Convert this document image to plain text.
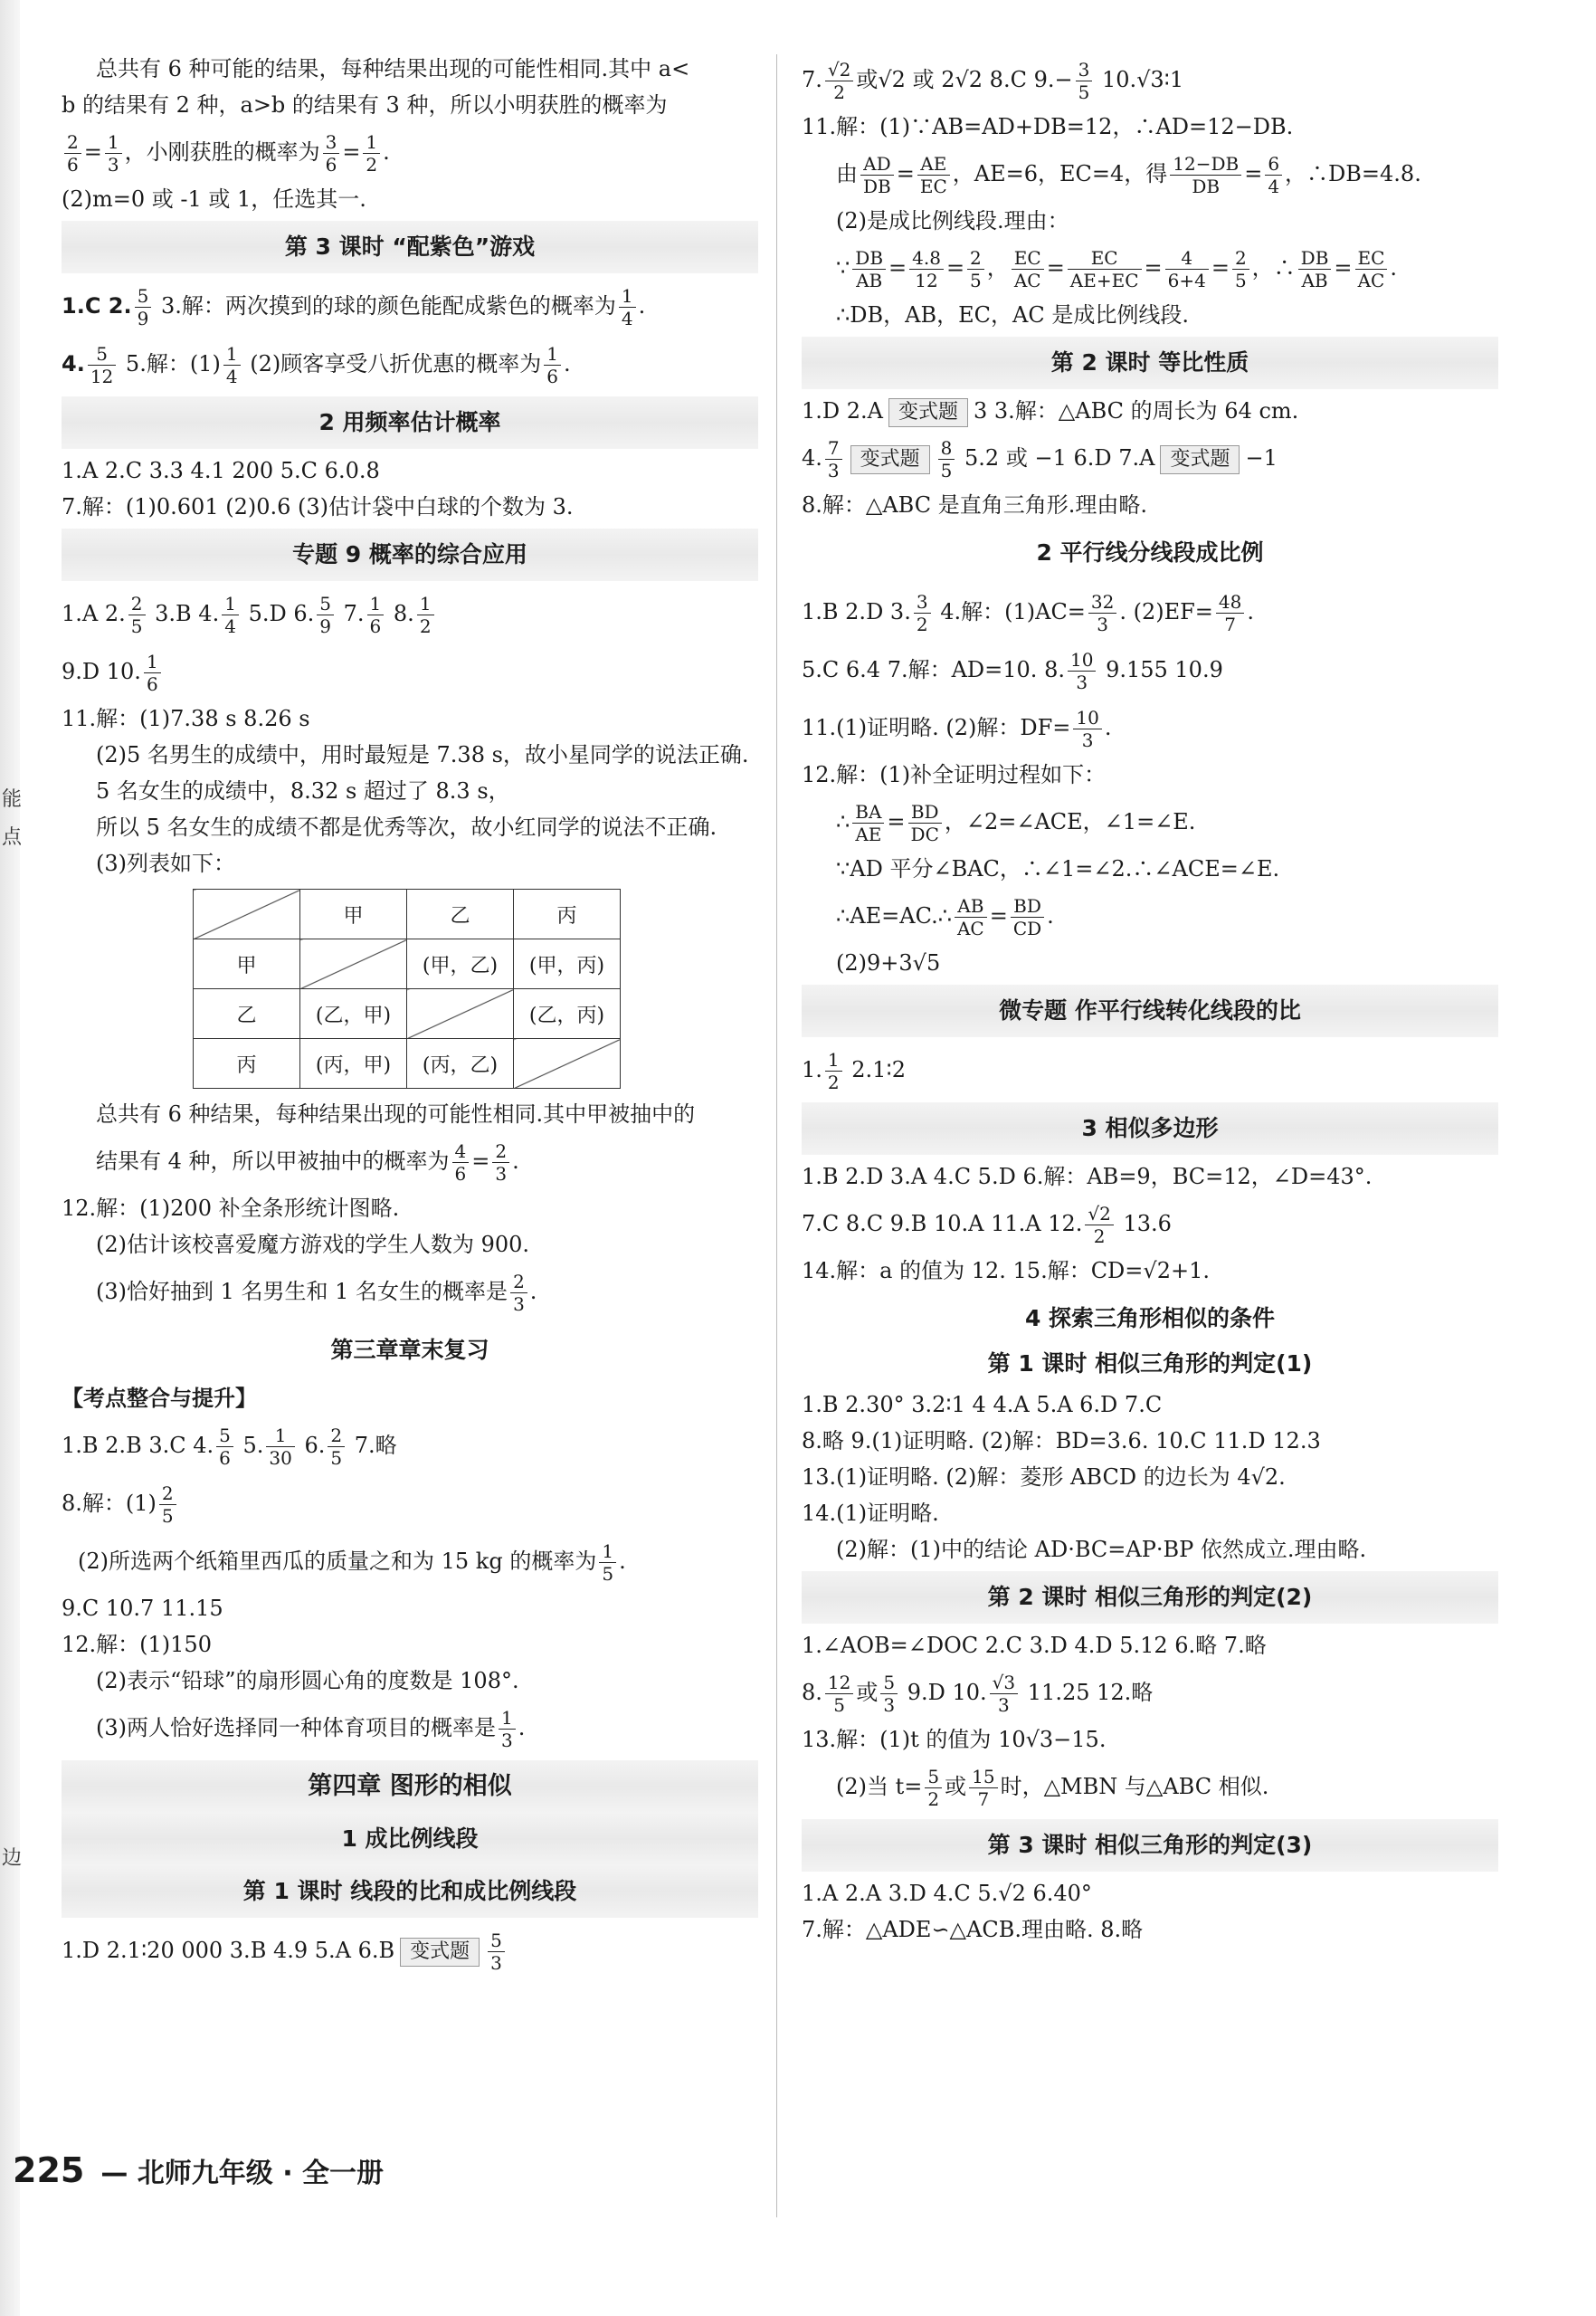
能
点
边
总共有 6 种可能的结果，每种结果出现的可能性相同.其中 a<
b 的结果有 2 种，a>b 的结果有 3 种，所以小明获胜的概率为
$\frac{2}{6} = \frac{1}{3}$ ，小刚获胜的概率为 $\frac{3}{6} = \frac{1}{2}$ .
(2)m=0 或 -1 或 1，任选其一.
第 3 课时 “配紫色”游戏
1.C 2. $\frac{5}{9} 3$.解：两次摸到的球的颜色能配成紫色的概率为 $\frac{1}{4}$ .
4. $\frac{5}{12} 5$.解：$(1) \frac{1}{4} (2)$顾客享受八折优惠的概率为 $\frac{1}{6}$ .
2 用频率估计概率
1.A 2.C 3.3 4.1 200 5.C 6.0.8
7.解：(1)0.601 (2)0.6 (3)估计袋中白球的个数为 3.
专题 9 概率的综合应用
1.A 2. $\frac{2}{5} 3.B$ 4. $\frac{1}{4} 5.D$ 6. $\frac{5}{9} 7$. $\frac{1}{6} 8$. $\frac{1}{2}$
9.D 10. $\frac{1}{6}$
11.解：(1)7.38 s 8.26 s
(2)5 名男生的成绩中，用时最短是 7.38 s，故小星同学的说法正确.
5 名女生的成绩中，8.32 s 超过了 8.3 s，
所以 5 名女生的成绩不都是优秀等次，故小红同学的说法不正确.
(3)列表如下：
	甲	乙	丙
甲		(甲，乙)	(甲，丙)
乙	(乙，甲)		(乙，丙)
丙	(丙，甲)	(丙，乙)	
总共有 6 种结果，每种结果出现的可能性相同.其中甲被抽中的
结果有 4 种，所以甲被抽中的概率为 $\frac{4}{6} = \frac{2}{3}$ .
12.解：(1)200 补全条形统计图略.
(2)估计该校喜爱魔方游戏的学生人数为 900.
(3)恰好抽到 1 名男生和 1 名女生的概率是 $\frac{2}{3}$ .
第三章章末复习
【考点整合与提升】
1.B 2.B 3.C 4. $\frac{5}{6} 5$. $\frac{1}{30} 6$. $\frac{2}{5} 7$.略
8.解：$(1) \frac{2}{5}$
(2)所选两个纸箱里西瓜的质量之和为 15 kg 的概率为 $\frac{1}{5}$ .
9.C 10.7 11.15
12.解：(1)150
(2)表示“铅球”的扇形圆心角的度数是 108°.
(3)两人恰好选择同一种体育项目的概率是 $\frac{1}{3}$ .
第四章 图形的相似
1 成比例线段
第 1 课时 线段的比和成比例线段
1.D 2.1∶20 000 3.B 4.9 5.A 6.B 变式题 $\frac{5}{3}$
7. $\frac{√2}{2}$ 或√2 或 2√2 8.C $9.- \frac{3}{5}$ 10.√3∶1
11.解：(1)∵AB=AD+DB=12，∴AD=12−DB.
由 $\frac{AD}{DB} = \frac{AE}{EC}$ ，AE=6，EC=4，得 $\frac{12-DB}{DB} = \frac{6}{4}$ ，∴DB=4.8.
(2)是成比例线段.理由：
∵ $\frac{DB}{AB} = \frac{4.8}{12} = \frac{2}{5}$ ， $\frac{EC}{AC} = \frac{EC}{AE+EC} = \frac{4}{6+4} = \frac{2}{5}$ ，∴ $\frac{DB}{AB} = \frac{EC}{AC}$ .
∴DB，AB，EC，AC 是成比例线段.
第 2 课时 等比性质
1.D 2.A 变式题 3 3.解：△ABC 的周长为 64 cm.
4. $\frac{7}{3}$ 变式题 $\frac{8}{5} 5.2$ 或 −1 6.D 7.A 变式题 −1
8.解：△ABC 是直角三角形.理由略.
2 平行线分线段成比例
1.B 2.D 3. $\frac{3}{2} 4$.解：$(1)AC= \frac{32}{3}$ . $(2)EF= \frac{48}{7}$ .
5.C 6.4 7.解：AD=10. 8. $\frac{10}{3} 9.155$ 10.9
11.(1)证明略. (2)解：$DF= \frac{10}{3}$ .
12.解：(1)补全证明过程如下：
∴ $\frac{BA}{AE} = \frac{BD}{DC}$ ，∠2=∠ACE，∠1=∠E.
∵AD 平分∠BAC，∴∠1=∠2.∴∠ACE=∠E.
∴AE=AC.∴ $\frac{AB}{AC} = \frac{BD}{CD}$ .
(2)9+3√5
微专题 作平行线转化线段的比
1. $\frac{1}{2}$ 2.1∶2
3 相似多边形
1.B 2.D 3.A 4.C 5.D 6.解：AB=9，BC=12，∠D=43°.
7.C 8.C 9.B 10.A 11.A 12. $\frac{√2}{2} 13.6$
14.解：a 的值为 12. 15.解：CD=√2+1.
4 探索三角形相似的条件
第 1 课时 相似三角形的判定(1)
1.B 2.30° 3.2∶1 4 4.A 5.A 6.D 7.C
8.略 9.(1)证明略. (2)解：BD=3.6. 10.C 11.D 12.3
13.(1)证明略. (2)解：菱形 ABCD 的边长为 4√2.
14.(1)证明略.
(2)解：(1)中的结论 AD·BC=AP·BP 依然成立.理由略.
第 2 课时 相似三角形的判定(2)
1.∠AOB=∠DOC 2.C 3.D 4.D 5.12 6.略 7.略
8. $\frac{12}{5}$ 或 $\frac{5}{3} 9.D$ 10. $\frac{√3}{3} 11.25$ 12.略
13.解：(1)t 的值为 10√3−15.
(2)当 $t= \frac{5}{2}$ 或 $\frac{15}{7}$ 时，△MBN 与△ABC 相似.
第 3 课时 相似三角形的判定(3)
1.A 2.A 3.D 4.C 5.√2 6.40°
7.解：△ADE∽△ACB.理由略. 8.略
225 — 北师九年级 · 全一册
